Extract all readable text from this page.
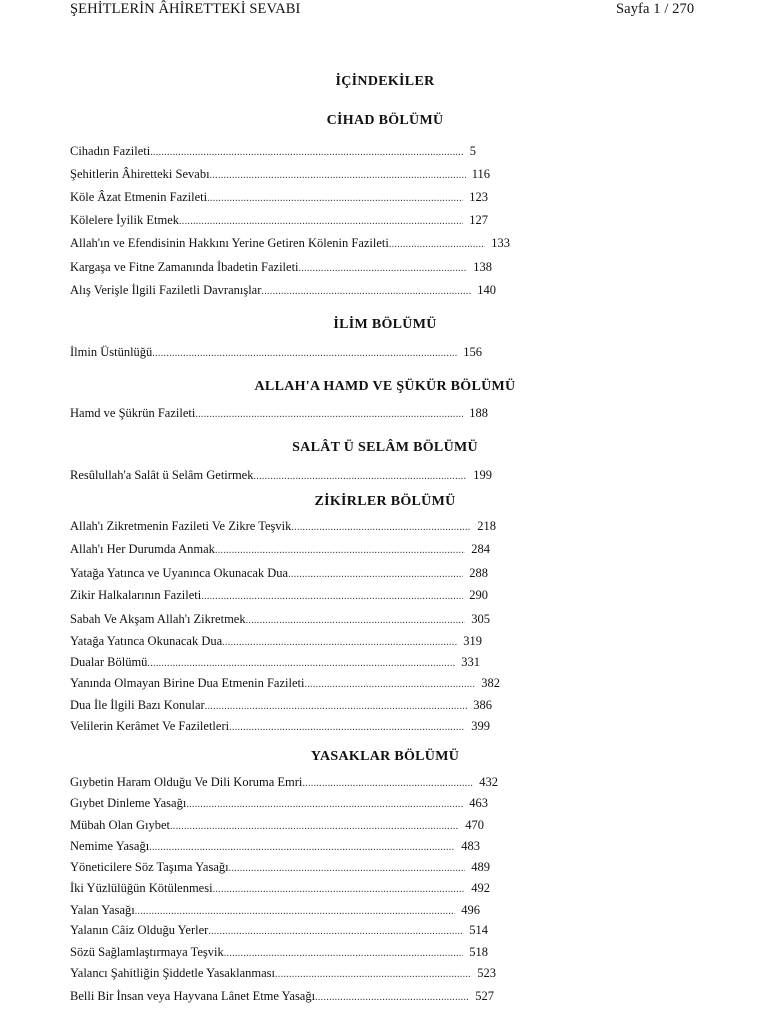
ŞEHİTLERİN ÂHİRETTEKİ SEVABI	Sayfa 1 / 270
İÇİNDEKİLER
CİHAD BÖLÜMÜ
Cihadın Fazileti .....	5
Şehitlerin Âhiretteki Sevabı .....	116
Köle Âzat Etmenin Fazileti .....	123
Kölelere İyilik Etmek .....	127
Allah'ın ve Efendisinin Hakkını Yerine Getiren Kölenin Fazileti .....	133
Kargaşa ve Fitne Zamanında İbadetin Fazileti .....	138
Alış Verişle İlgili Faziletli Davranışlar .....	140
İLİM BÖLÜMÜ
İlmin Üstünlüğü .....	156
ALLAH'A HAMD VE ŞÜKÜR BÖLÜMÜ
Hamd ve Şükrün Fazileti .....	188
SALÂT Ü SELÂM BÖLÜMÜ
Resûlullah'a Salât ü Selâm Getirmek .....	199
ZİKİRLER BÖLÜMÜ
Allah'ı Zikretmenin Fazileti Ve Zikre Teşvik .....	218
Allah'ı Her Durumda Anmak .....	284
Yatağa Yatınca ve Uyanınca Okunacak Dua .....	288
Zikir Halkalarının Fazileti .....	290
Sabah Ve Akşam Allah'ı Zikretmek .....	305
Yatağa Yatınca Okunacak Dua .....	319
Dualar Bölümü .....	331
Yanında Olmayan Birine Dua Etmenin Fazileti .....	382
Dua İle İlgili Bazı Konular .....	386
Velilerin Kerâmet Ve Faziletleri .....	399
YASAKLAR BÖLÜMÜ
Gıybetin Haram Olduğu Ve Dili Koruma Emri .....	432
Gıybet Dinleme Yasağı .....	463
Mübah Olan Gıybet .....	470
Nemime Yasağı .....	483
Yöneticilere Söz Taşıma Yasağı .....	489
İki Yüzlülüğün Kötülenmesi .....	492
Yalan Yasağı .....	496
Yalanın Câiz Olduğu Yerler .....	514
Sözü Sağlamlaştırmaya Teşvik .....	518
Yalancı Şahitliğin Şiddetle Yasaklanması .....	523
Belli Bir İnsan veya Hayvana Lânet Etme Yasağı .....	527
